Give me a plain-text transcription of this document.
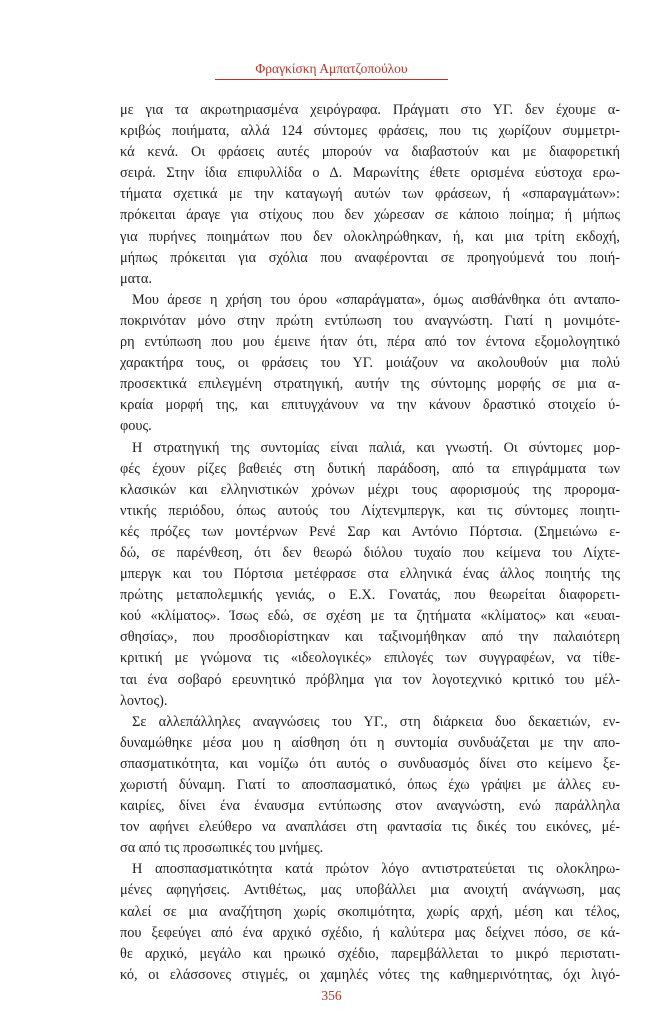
Φραγκίσκη Αμπατζοπούλου
με για τα ακρωτηριασμένα χειρόγραφα. Πράγματι στο ΥΓ. δεν έχουμε α-
κριβώς ποιήματα, αλλά 124 σύντομες φράσεις, που τις χωρίζουν συμμετρι-
κά κενά. Οι φράσεις αυτές μπορούν να διαβαστούν και με διαφορετική
σειρά. Στην ίδια επιφυλλίδα ο Δ. Μαρωνίτης έθετε ορισμένα εύστοχα ερω-
τήματα σχετικά με την καταγωγή αυτών των φράσεων, ή «σπαραγμάτων»:
πρόκειται άραγε για στίχους που δεν χώρεσαν σε κάποιο ποίημα; ή μήπως
για πυρήνες ποιημάτων που δεν ολοκληρώθηκαν, ή, και μια τρίτη εκδοχή,
μήπως πρόκειται για σχόλια που αναφέρονται σε προηγούμενά του ποιή-
ματα.
Μου άρεσε η χρήση του όρου «σπαράγματα», όμως αισθάνθηκα ότι ανταπο-
ποκρινόταν μόνο στην πρώτη εντύπωση του αναγνώστη. Γιατί η μονιμότε-
ρη εντύπωση που μου έμεινε ήταν ότι, πέρα από τον έντονα εξομολογητικό
χαρακτήρα τους, οι φράσεις του ΥΓ. μοιάζουν να ακολουθούν μια πολύ
προσεκτικά επιλεγμένη στρατηγική, αυτήν της σύντομης μορφής σε μια α-
κραία μορφή της, και επιτυγχάνουν να την κάνουν δραστικό στοιχείο ύ-
φους.
Η στρατηγική της συντομίας είναι παλιά, και γνωστή. Οι σύντομες μορ-
φές έχουν ρίζες βαθειές στη δυτική παράδοση, από τα επιγράμματα των
κλασικών και ελληνιστικών χρόνων μέχρι τους αφορισμούς της προρομα-
ντικής περιόδου, όπως αυτούς του Λίχτενμπεργκ, και τις σύντομες ποιητι-
κές πρόζες των μοντέρνων Ρενέ Σαρ και Αντόνιο Πόρτσια. (Σημειώνω ε-
δώ, σε παρένθεση, ότι δεν θεωρώ διόλου τυχαίο που κείμενα του Λίχτε-
μπεργκ και του Πόρτσια μετέφρασε στα ελληνικά ένας άλλος ποιητής της
πρώτης μεταπολεμικής γενιάς, ο Ε.Χ. Γονατάς, που θεωρείται διαφορετι-
κού «κλίματος». Ίσως εδώ, σε σχέση με τα ζητήματα «κλίματος» και «ευαι-
σθησίας», που προσδιορίστηκαν και ταξινομήθηκαν από την παλαιότερη
κριτική με γνώμονα τις «ιδεολογικές» επιλογές των συγγραφέων, να τίθε-
ται ένα σοβαρό ερευνητικό πρόβλημα για τον λογοτεχνικό κριτικό του μέλ-
λοντος).
Σε αλλεπάλληλες αναγνώσεις του ΥΓ., στη διάρκεια δυο δεκαετιών, εν-
δυναμώθηκε μέσα μου η αίσθηση ότι η συντομία συνδυάζεται με την απο-
σπασματικότητα, και νομίζω ότι αυτός ο συνδυασμός δίνει στο κείμενο ξε-
χωριστή δύναμη. Γιατί το αποσπασματικό, όπως έχω γράψει με άλλες ευ-
καιρίες, δίνει ένα έναυσμα εντύπωσης στον αναγνώστη, ενώ παράλληλα
τον αφήνει ελεύθερο να αναπλάσει στη φαντασία τις δικές του εικόνες, μέ-
σα από τις προσωπικές του μνήμες.
Η αποσπασματικότητα κατά πρώτον λόγο αντιστρατεύεται τις ολοκληρω-
μένες αφηγήσεις. Αντιθέτως, μας υποβάλλει μια ανοιχτή ανάγνωση, μας
καλεί σε μια αναζήτηση χωρίς σκοπιμότητα, χωρίς αρχή, μέση και τέλος,
που ξεφεύγει από ένα αρχικό σχέδιο, ή καλύτερα μας δείχνει πόσο, σε κά-
θε αρχικό, μεγάλο και ηρωικό σχέδιο, παρεμβάλλεται το μικρό περιστατι-
κό, οι ελάσσονες στιγμές, οι χαμηλές νότες της καθημερινότητας, όχι λιγό-
356
